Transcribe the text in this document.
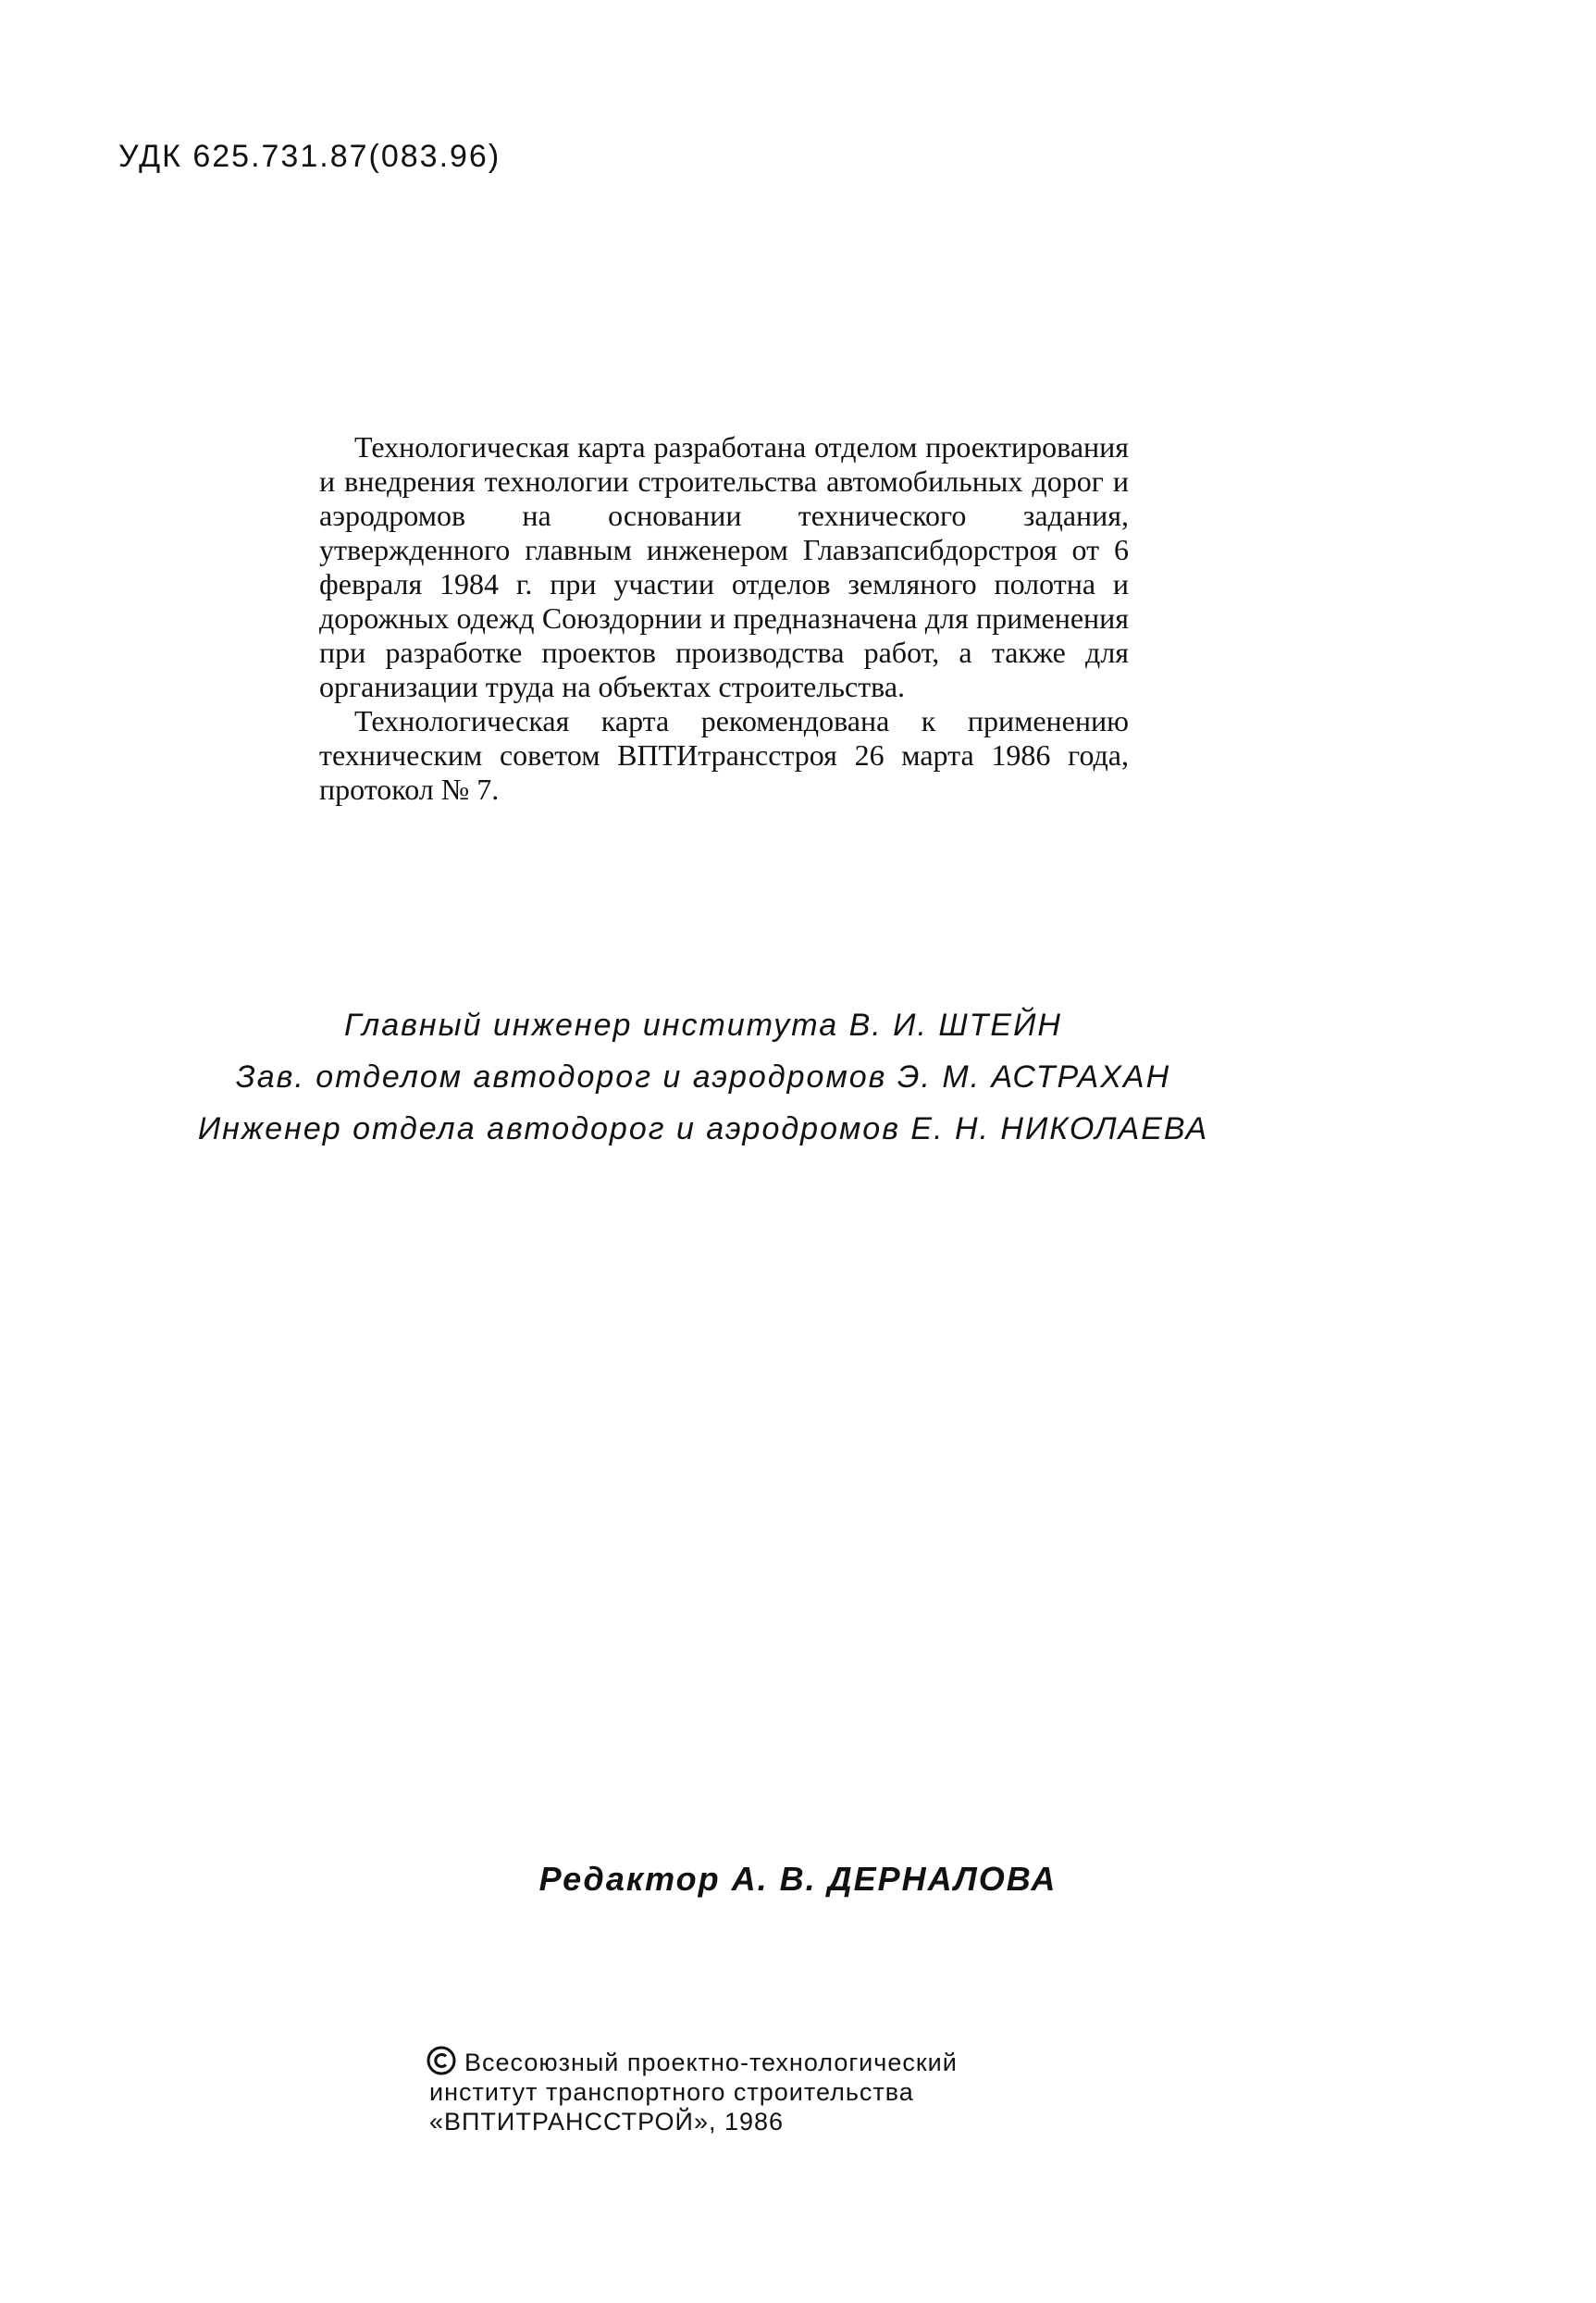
УДК 625.731.87(083.96)

Технологическая карта разработана отделом проектирования и внедрения технологии строительства автомобильных дорог и аэродромов на основании технического задания, утвержденного главным инженером Главзапсибдорстроя от 6 февраля 1984 г. при участии отделов земляного полотна и дорожных одежд Союздорнии и предназначена для применения при разработке проектов производства работ, а также для организации труда на объектах строительства.

Технологическая карта рекомендована к применению техническим советом ВПТИтрансстроя 26 марта 1986 года, протокол № 7.

Главный инженер института В. И. ШТЕЙН

Зав. отделом автодорог и аэродромов Э. М. АСТРАХАН

Инженер отдела автодорог и аэродромов Е. Н. НИКОЛАЕВА

Редактор А. В. ДЕРНАЛОВА

Всесоюзный проектно-технологический
институт транспортного строительства
«ВПТИТРАНССТРОЙ», 1986
